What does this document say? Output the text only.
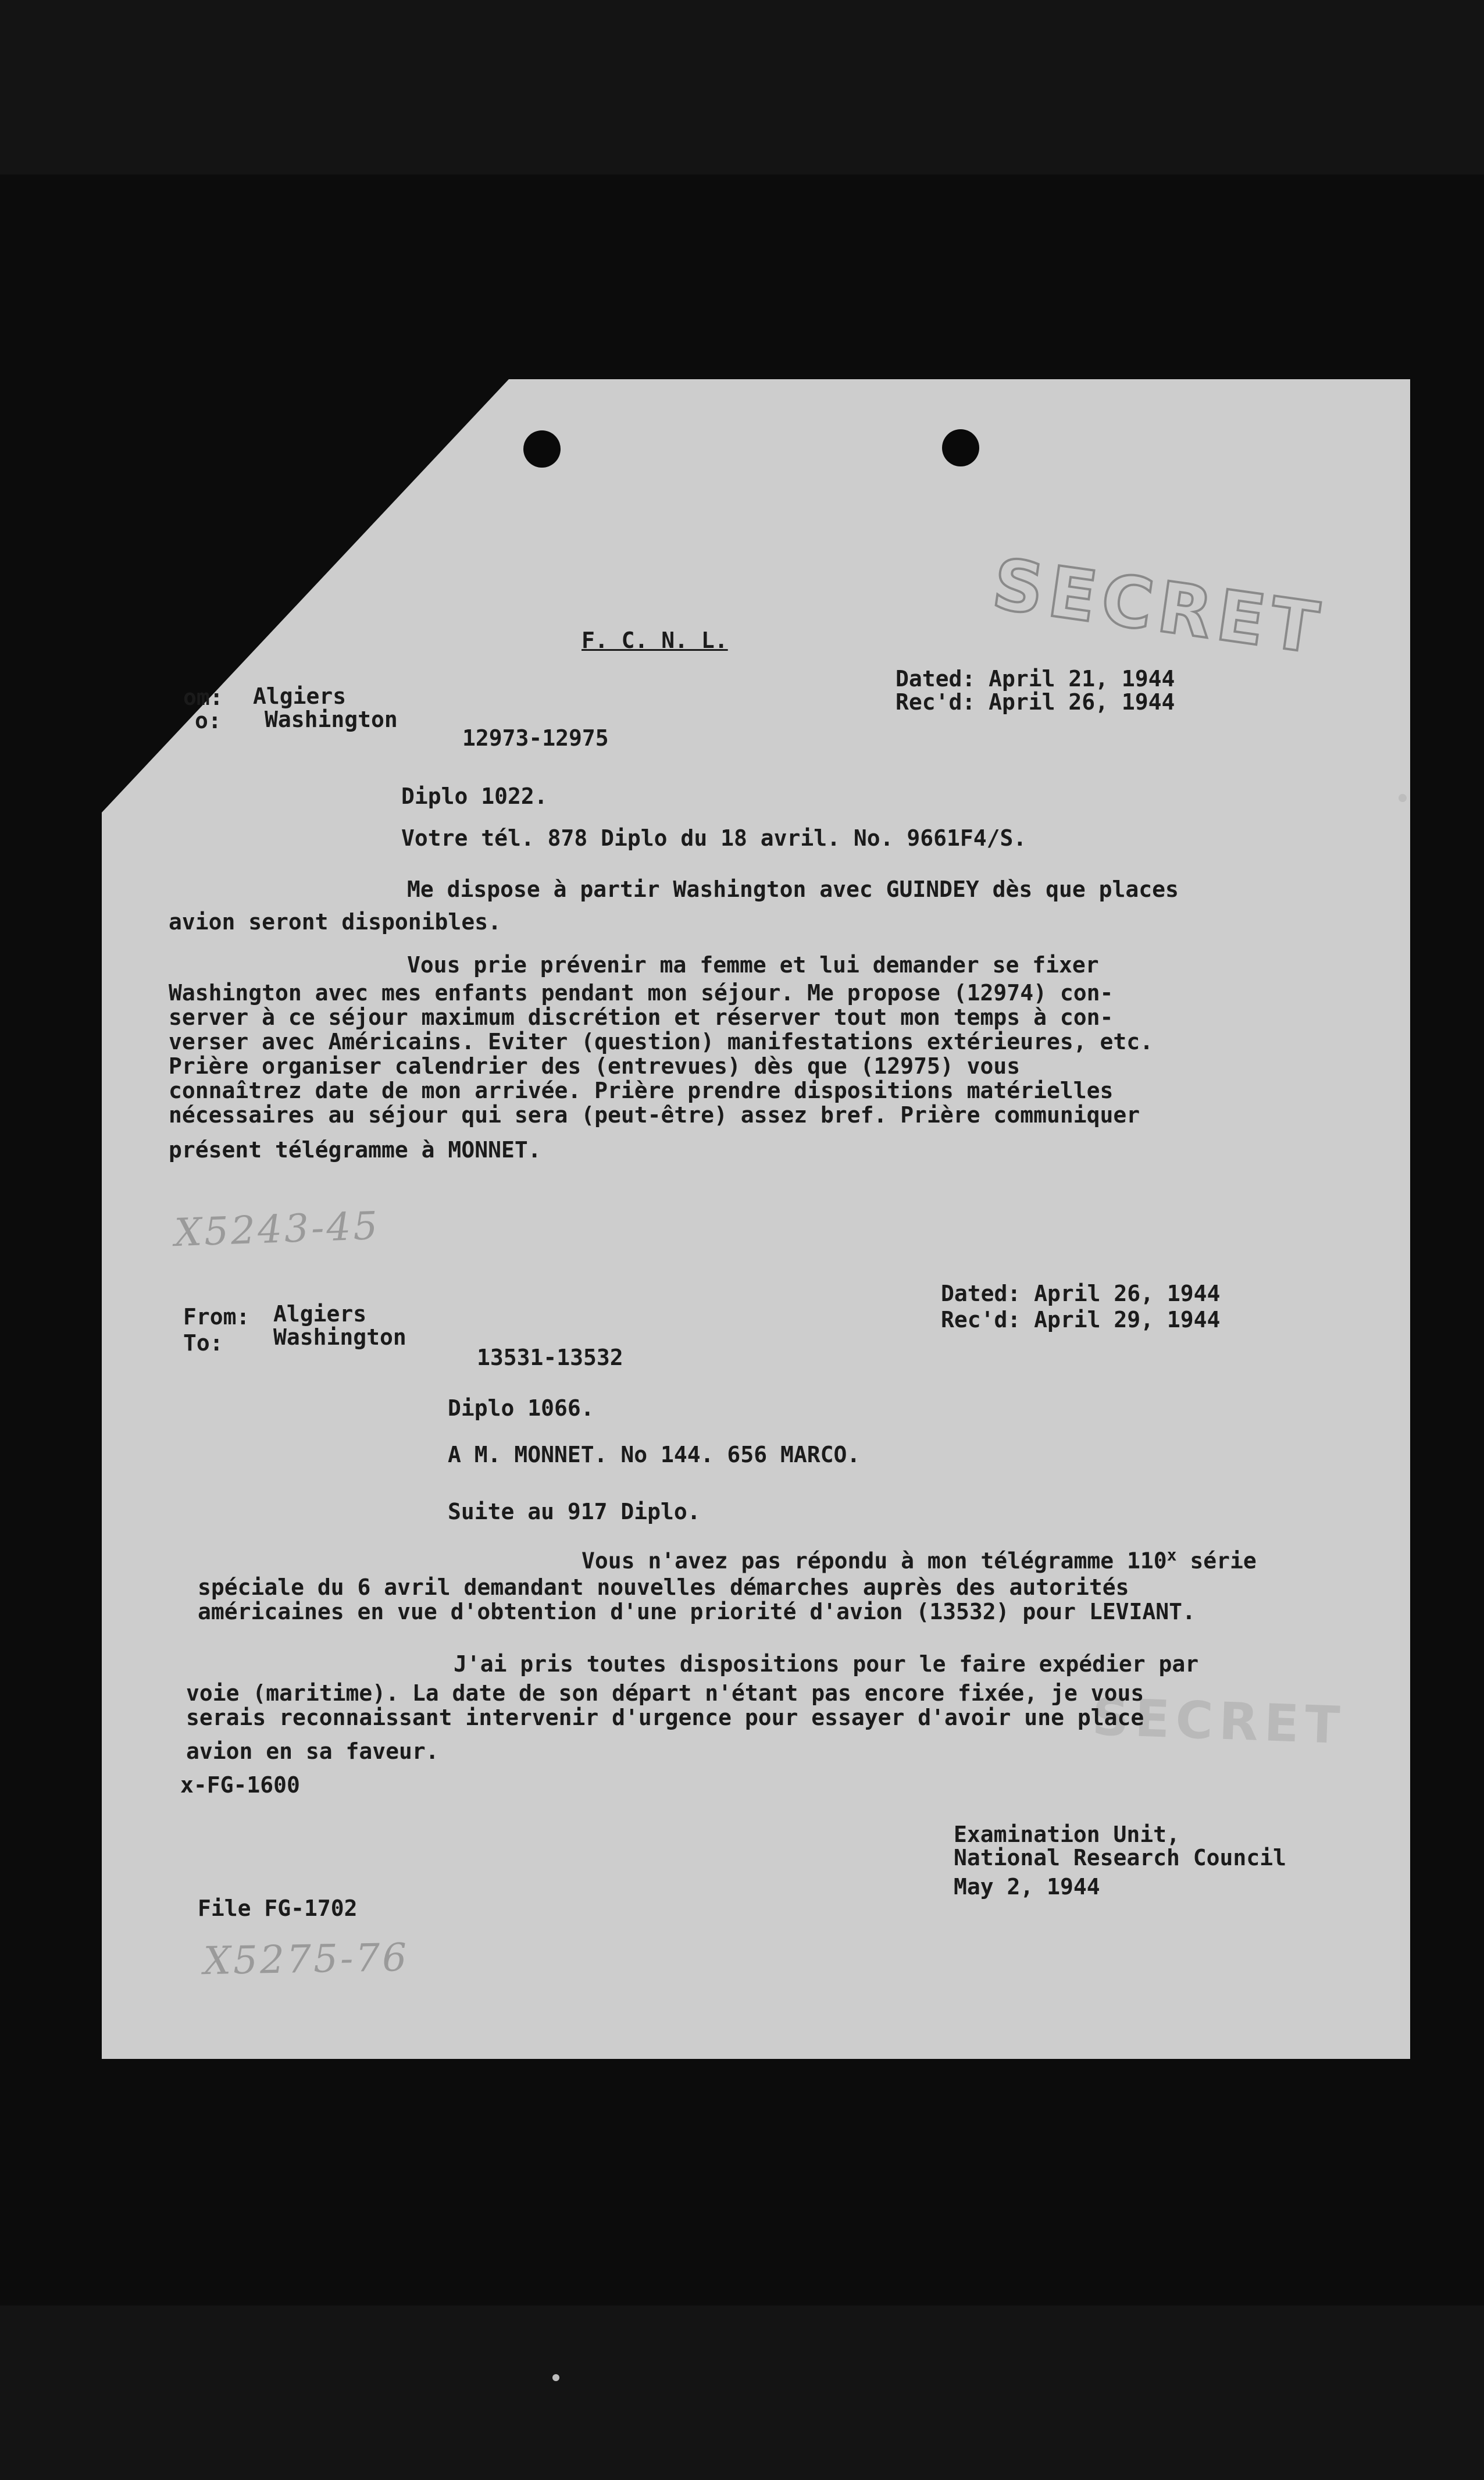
SECRET
SECRET
F. C. N. L.
om: Algiers
o: Washington
Dated: April 21, 1944
Rec'd: April 26, 1944
12973-12975
Diplo 1022.
Votre tél. 878 Diplo du 18 avril. No. 9661F4/S.
Me dispose à partir Washington avec GUINDEY dès que places
avion seront disponibles.
Vous prie prévenir ma femme et lui demander se fixer
Washington avec mes enfants pendant mon séjour. Me propose (12974) con-
server à ce séjour maximum discrétion et réserver tout mon temps à con-
verser avec Américains. Eviter (question) manifestations extérieures, etc.
Prière organiser calendrier des (entrevues) dès que (12975) vous
connaîtrez date de mon arrivée. Prière prendre dispositions matérielles
nécessaires au séjour qui sera (peut-être) assez bref. Prière communiquer
présent télégramme à MONNET.
X5243-45
From: Algiers
To: Washington
Dated: April 26, 1944
Rec'd: April 29, 1944
13531-13532
Diplo 1066.
A M. MONNET. No 144. 656 MARCO.
Suite au 917 Diplo.
Vous n'avez pas répondu à mon télégramme 110$^x$ série
spéciale du 6 avril demandant nouvelles démarches auprès des autorités
américaines en vue d'obtention d'une priorité d'avion (13532) pour LEVIANT.
J'ai pris toutes dispositions pour le faire expédier par
voie (maritime). La date de son départ n'étant pas encore fixée, je vous
serais reconnaissant intervenir d'urgence pour essayer d'avoir une place
avion en sa faveur.
x-FG-1600
Examination Unit,
National Research Council
May 2, 1944
File FG-1702
X5275-76
